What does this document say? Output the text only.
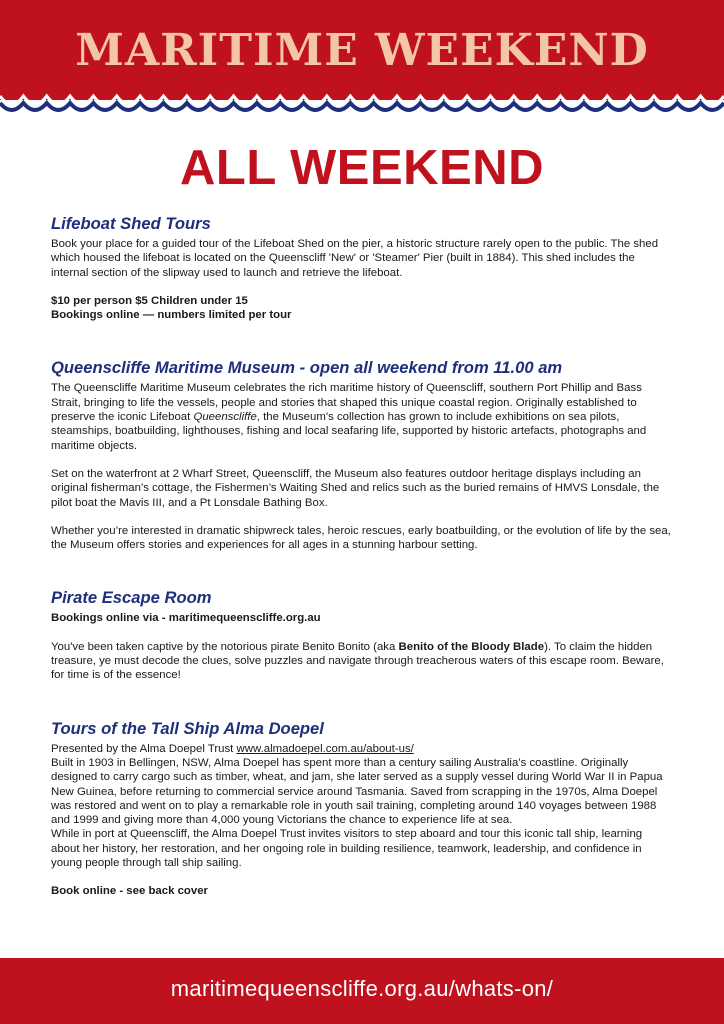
MARITIME WEEKEND
ALL WEEKEND
Lifeboat Shed Tours

Book your place for a guided tour of the Lifeboat Shed on the pier, a historic structure rarely open to the public. The shed which housed the lifeboat is located on the Queenscliff 'New' or 'Steamer' Pier (built in 1884). This shed includes the internal section of the slipway used to launch and retrieve the lifeboat.

$10 per person $5 Children under 15

Bookings online — numbers limited per tour

Queenscliffe Maritime Museum - open all weekend from 11.00 am

The Queenscliffe Maritime Museum celebrates the rich maritime history of Queenscliff, southern Port Phillip and Bass Strait, bringing to life the vessels, people and stories that shaped this unique coastal region. Originally established to preserve the iconic Lifeboat Queenscliffe, the Museum’s collection has grown to include exhibitions on sea pilots, steamships, boatbuilding, lighthouses, fishing and local seafaring life, supported by historic artefacts, photographs and maritime objects.

Set on the waterfront at 2 Wharf Street, Queenscliff, the Museum also features outdoor heritage displays including an original fisherman’s cottage, the Fishermen’s Waiting Shed and relics such as the buried remains of HMVS Lonsdale, the pilot boat the Mavis III, and a Pt Lonsdale Bathing Box.

Whether you’re interested in dramatic shipwreck tales, heroic rescues, early boatbuilding, or the evolution of life by the sea, the Museum offers stories and experiences for all ages in a stunning harbour setting.

Pirate Escape Room

Bookings online via - maritimequeenscliffe.org.au

You've been taken captive by the notorious pirate Benito Bonito (aka Benito of the Bloody Blade). To claim the hidden treasure, ye must decode the clues, solve puzzles and navigate through treacherous waters of this escape room. Beware, for time is of the essence!

Tours of the Tall Ship Alma Doepel

Presented by the Alma Doepel Trust www.almadoepel.com.au/about-us/

Built in 1903 in Bellingen, NSW, Alma Doepel has spent more than a century sailing Australia’s coastline. Originally designed to carry cargo such as timber, wheat, and jam, she later served as a supply vessel during World War II in Papua New Guinea, before returning to commercial service around Tasmania. Saved from scrapping in the 1970s, Alma Doepel was restored and went on to play a remarkable role in youth sail training, completing around 140 voyages between 1988 and 1999 and giving more than 4,000 young Victorians the chance to experience life at sea.

While in port at Queenscliff, the Alma Doepel Trust invites visitors to step aboard and tour this iconic tall ship, learning about her history, her restoration, and her ongoing role in building resilience, teamwork, leadership, and confidence in young people through tall ship sailing.

Book online - see back cover

maritimequeenscliffe.org.au/whats-on/
